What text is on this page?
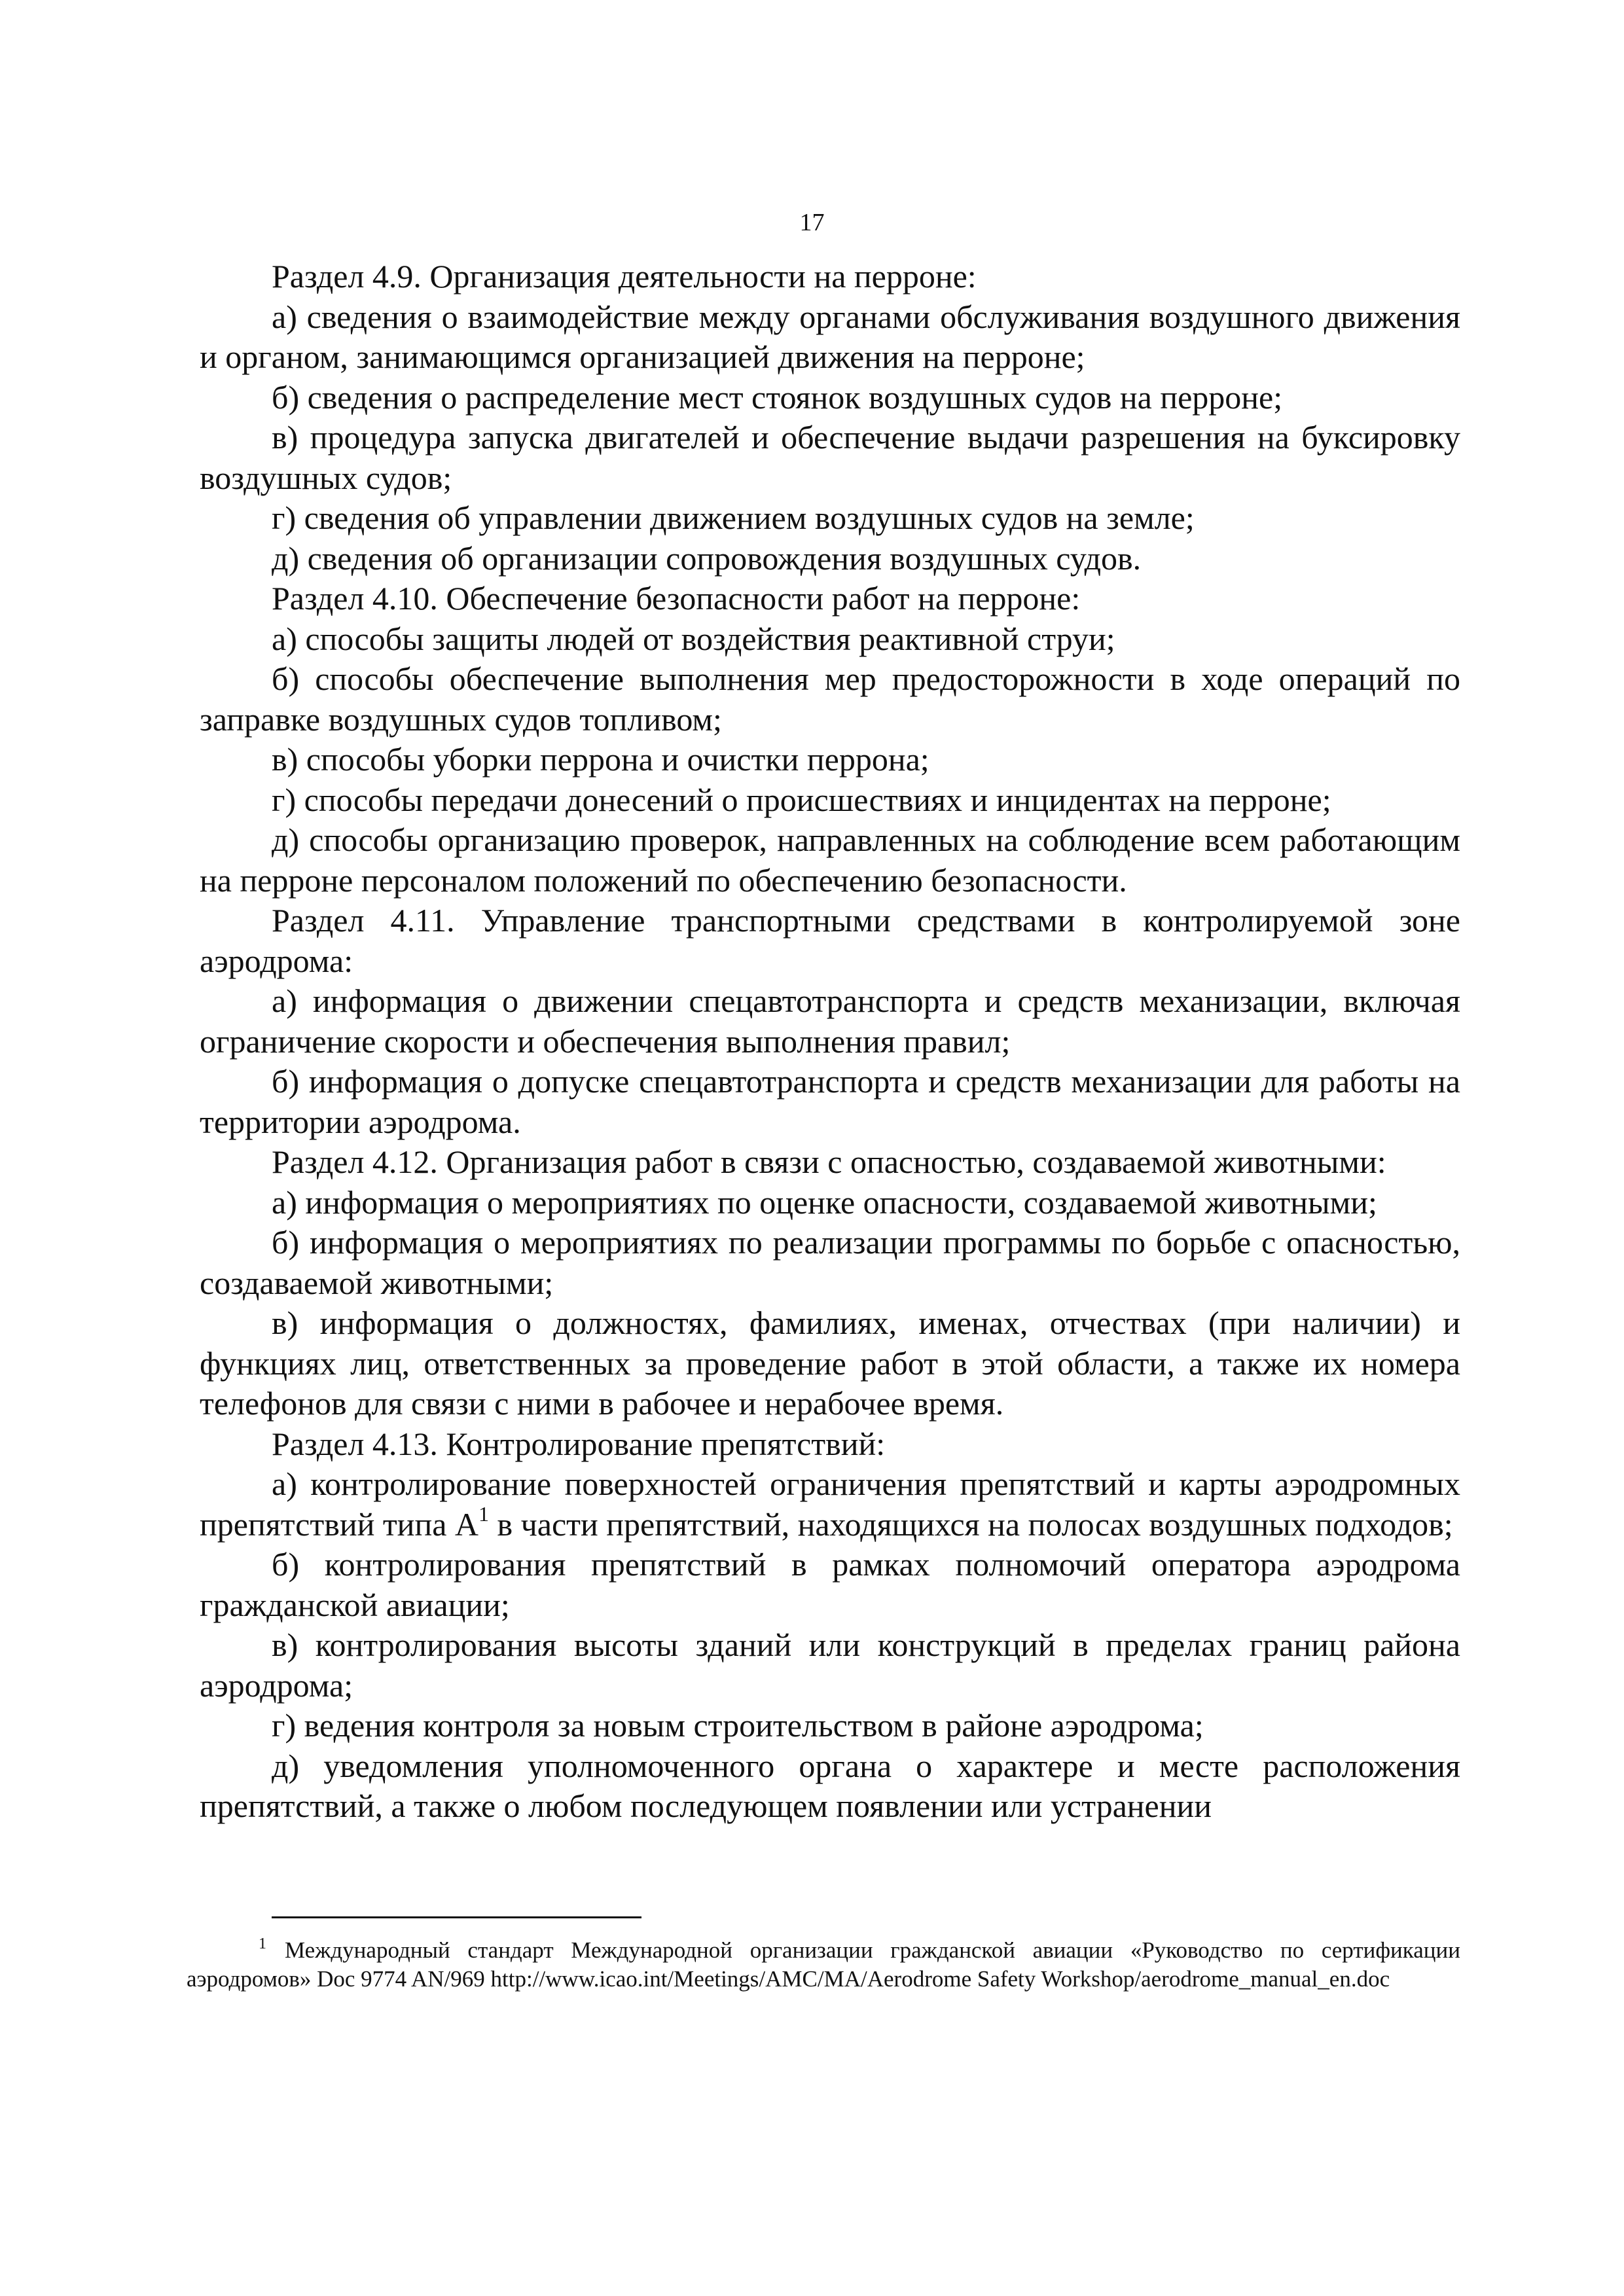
17

Раздел 4.9. Организация деятельности на перроне:

а) сведения о взаимодействие между органами обслуживания воздушного движения и органом, занимающимся организацией движения на перроне;

б) сведения о распределение мест стоянок воздушных судов на перроне;

в) процедура запуска двигателей и обеспечение выдачи разрешения на буксировку воздушных судов;

г) сведения об управлении движением воздушных судов на земле;

д) сведения об организации сопровождения воздушных судов.

Раздел 4.10. Обеспечение безопасности работ на перроне:

а) способы защиты людей от воздействия реактивной струи;

б) способы обеспечение выполнения мер предосторожности в ходе операций по заправке воздушных судов топливом;

в) способы уборки перрона и очистки перрона;

г) способы передачи донесений о происшествиях и инцидентах на перроне;

д) способы организацию проверок, направленных на соблюдение всем работающим на перроне персоналом положений по обеспечению безопасности.

Раздел 4.11. Управление транспортными средствами в контролируемой зоне аэродрома:

а) информация о движении спецавтотранспорта и средств механизации, включая ограничение скорости и обеспечения выполнения правил;

б) информация о допуске спецавтотранспорта и средств механизации для работы на территории аэродрома.

Раздел 4.12. Организация работ в связи с опасностью, создаваемой животными:

а) информация о мероприятиях по оценке опасности, создаваемой животными;

б) информация о мероприятиях по реализации программы по борьбе с опасностью, создаваемой животными;

в) информация о должностях, фамилиях, именах, отчествах (при наличии) и функциях лиц, ответственных за проведение работ в этой области, а также их номера телефонов для связи с ними в рабочее и нерабочее время.

Раздел 4.13. Контролирование препятствий:

а) контролирование поверхностей ограничения препятствий и карты аэродромных препятствий типа $А^1$ в части препятствий, находящихся на полосах воздушных подходов;

б) контролирования препятствий в рамках полномочий оператора аэродрома гражданской авиации;

в) контролирования высоты зданий или конструкций в пределах границ района аэродрома;

г) ведения контроля за новым строительством в районе аэродрома;

д) уведомления уполномоченного органа о характере и месте расположения препятствий, а также о любом последующем появлении или устранении

$^1$ Международный стандарт Международной организации гражданской авиации «Руководство по сертификации аэродромов» Doc 9774 AN/969 http://www.icao.int/Meetings/AMC/MA/Aerodrome Safety Workshop/aerodrome_manual_en.doc
